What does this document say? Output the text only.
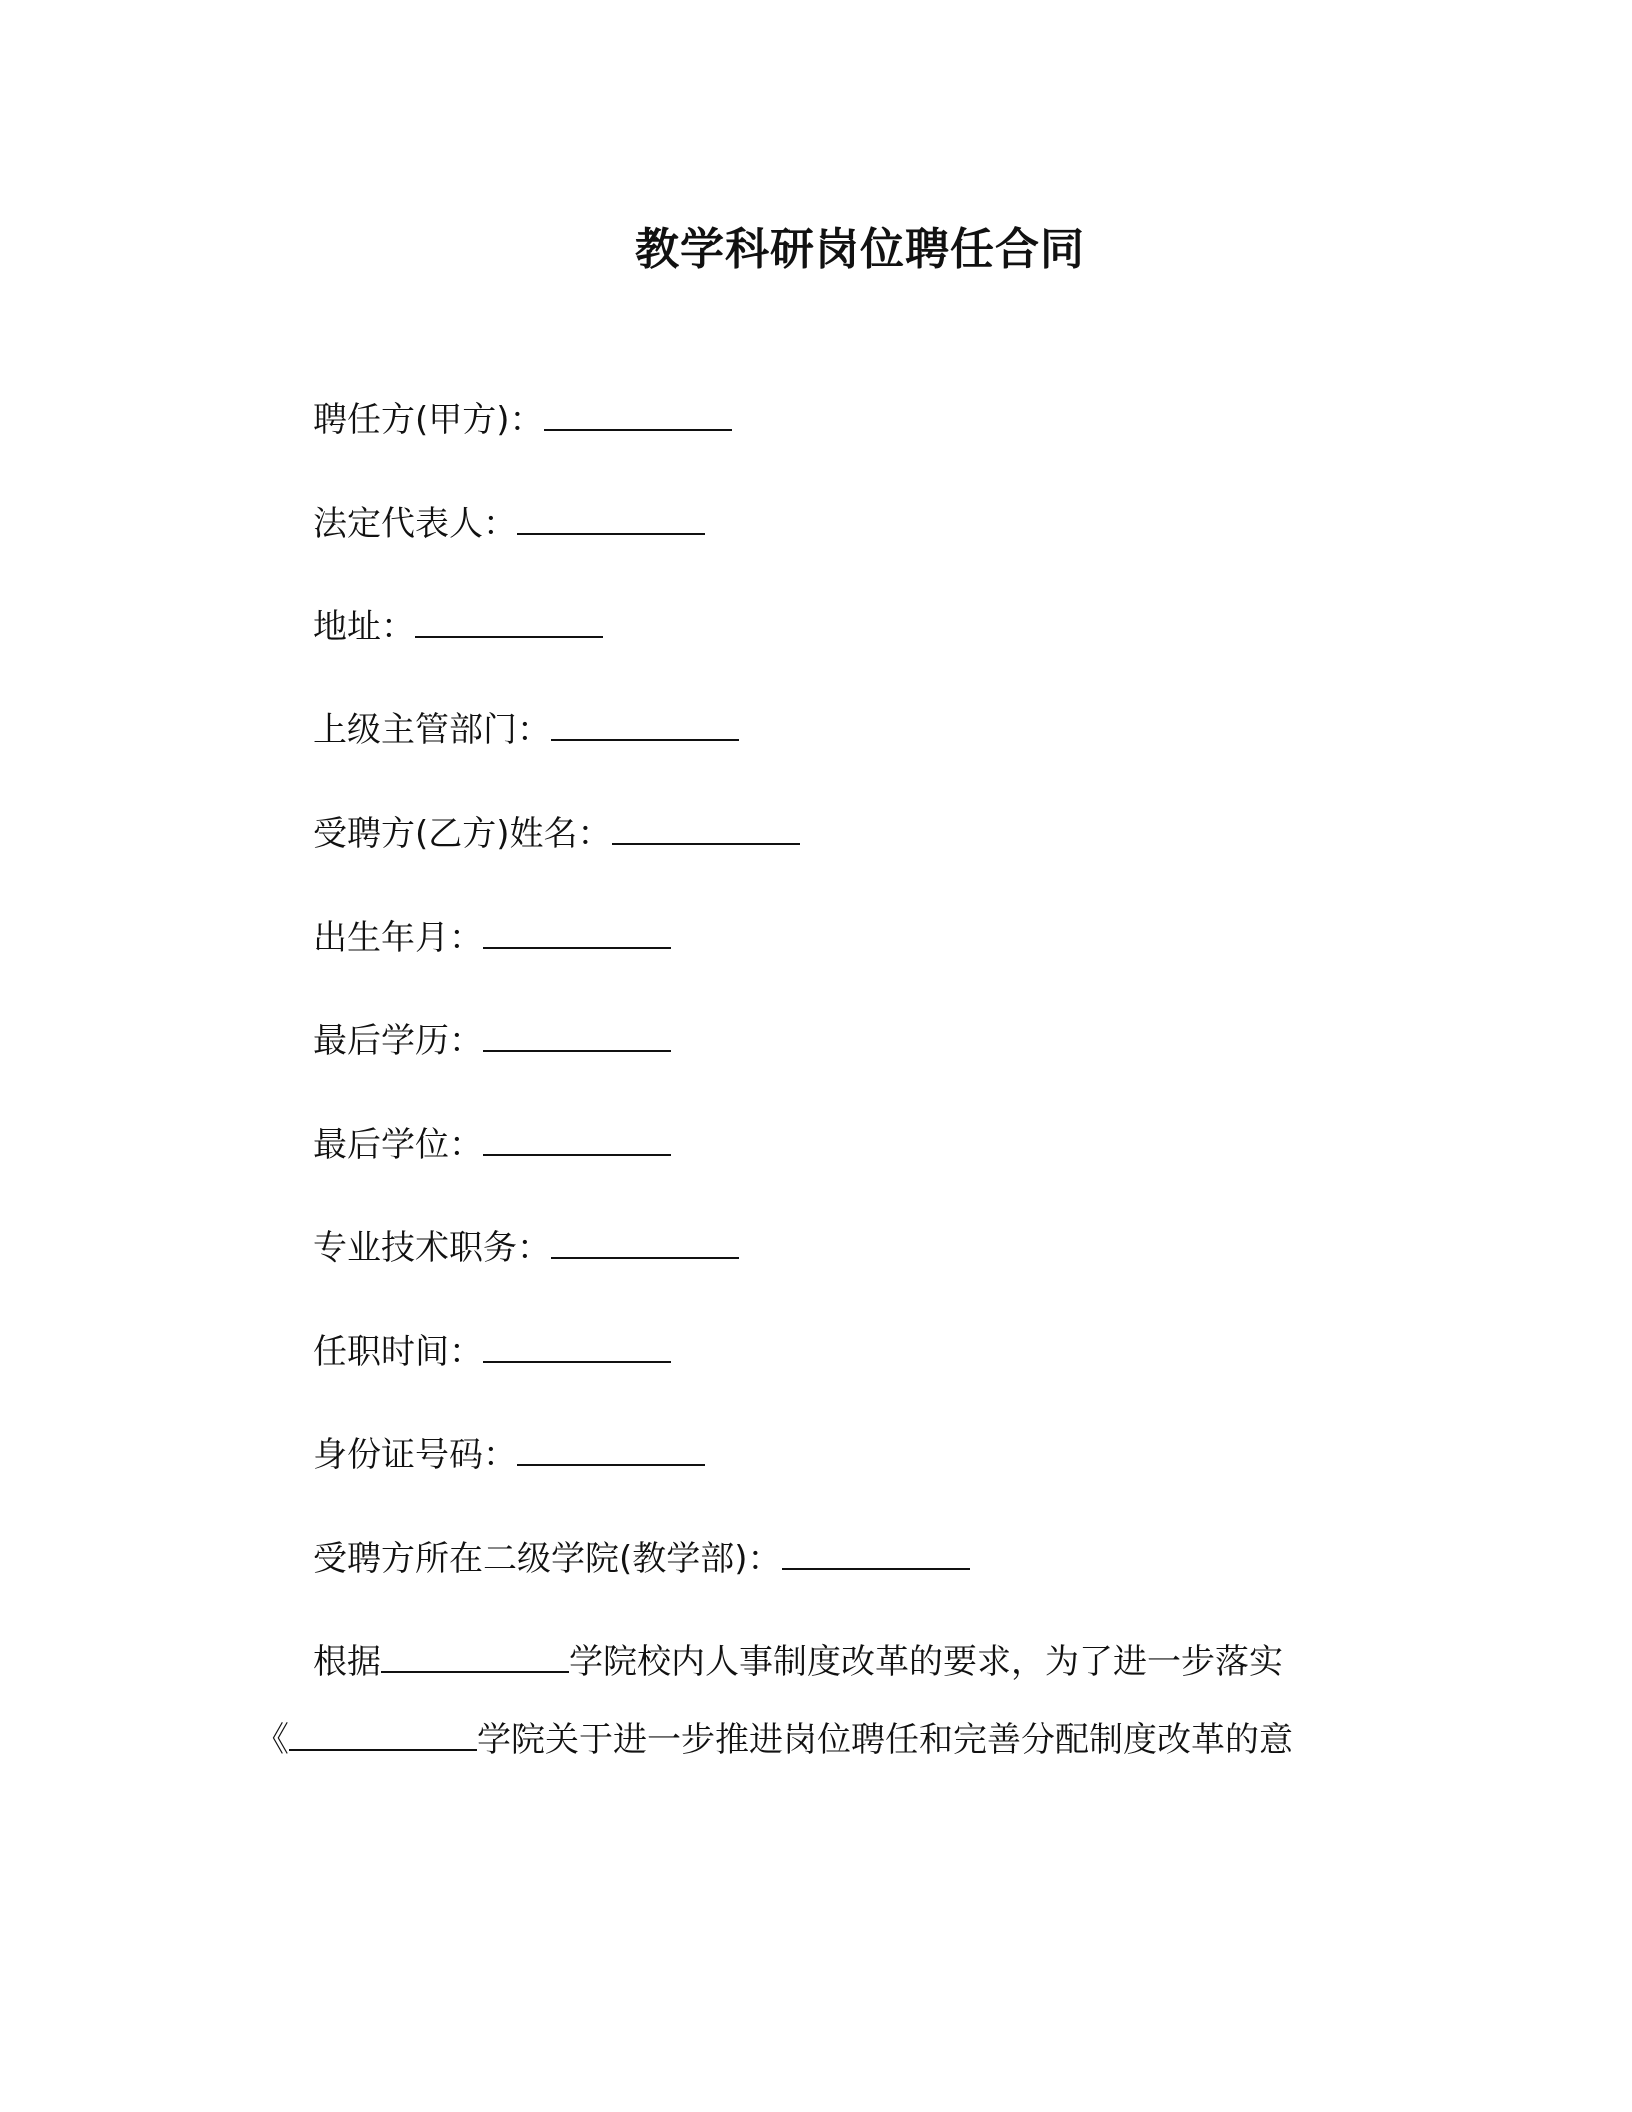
教学科研岗位聘任合同
聘任方(甲方)：
法定代表人：
地址：
上级主管部门：
受聘方(乙方)姓名：
出生年月：
最后学历：
最后学位：
专业技术职务：
任职时间：
身份证号码：
受聘方所在二级学院(教学部)：
根据	学院校内人事制度改革的要求，为了进一步落实
《	学院关于进一步推进岗位聘任和完善分配制度改革的意
